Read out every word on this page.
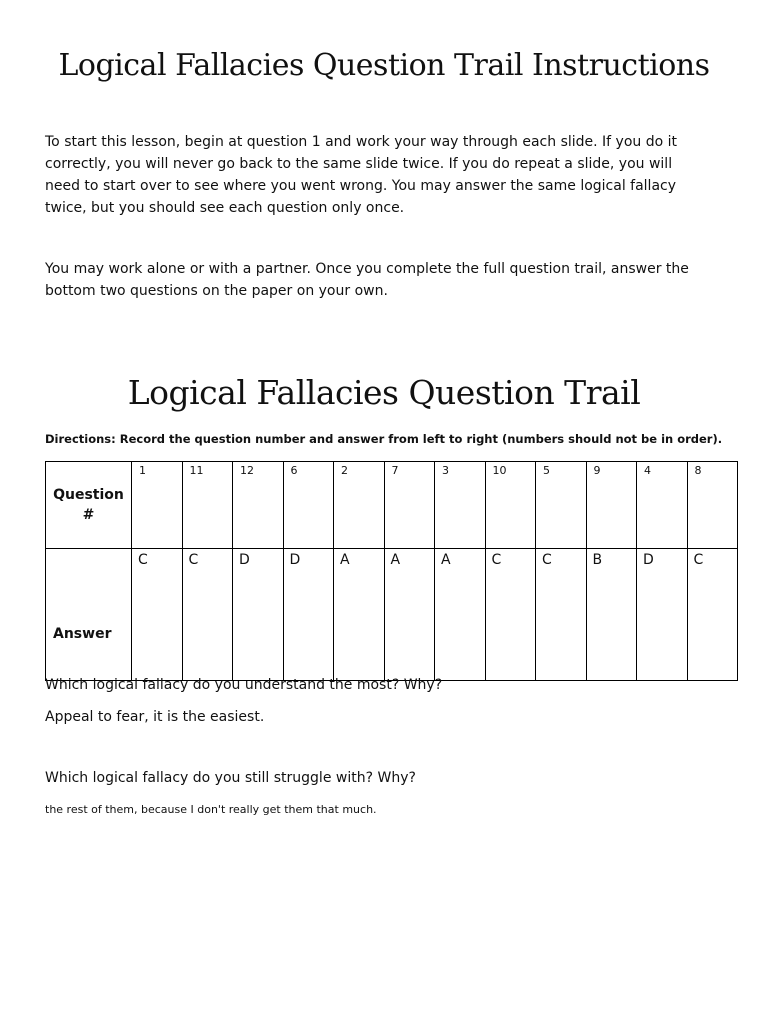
Logical Fallacies Question Trail Instructions

To start this lesson, begin at question 1 and work your way through each slide. If you do it correctly, you will never go back to the same slide twice. If you do repeat a slide, you will need to start over to see where you went wrong. You may answer the same logical fallacy twice, but you should see each question only once.

You may work alone or with a partner. Once you complete the full question trail, answer the bottom two questions on the paper on your own.

Logical Fallacies Question Trail

Directions: Record the question number and answer from left to right (numbers should not be in order).

Question #	1	11	12	6	2	7	3	10	5	9	4	8

Answer	C	C	D	D	A	A	A	C	C	B	D	C

Which logical fallacy do you understand the most? Why?

Appeal to fear, it is the easiest.

Which logical fallacy do you still struggle with? Why?

the rest of them, because I don't really get them that much.
